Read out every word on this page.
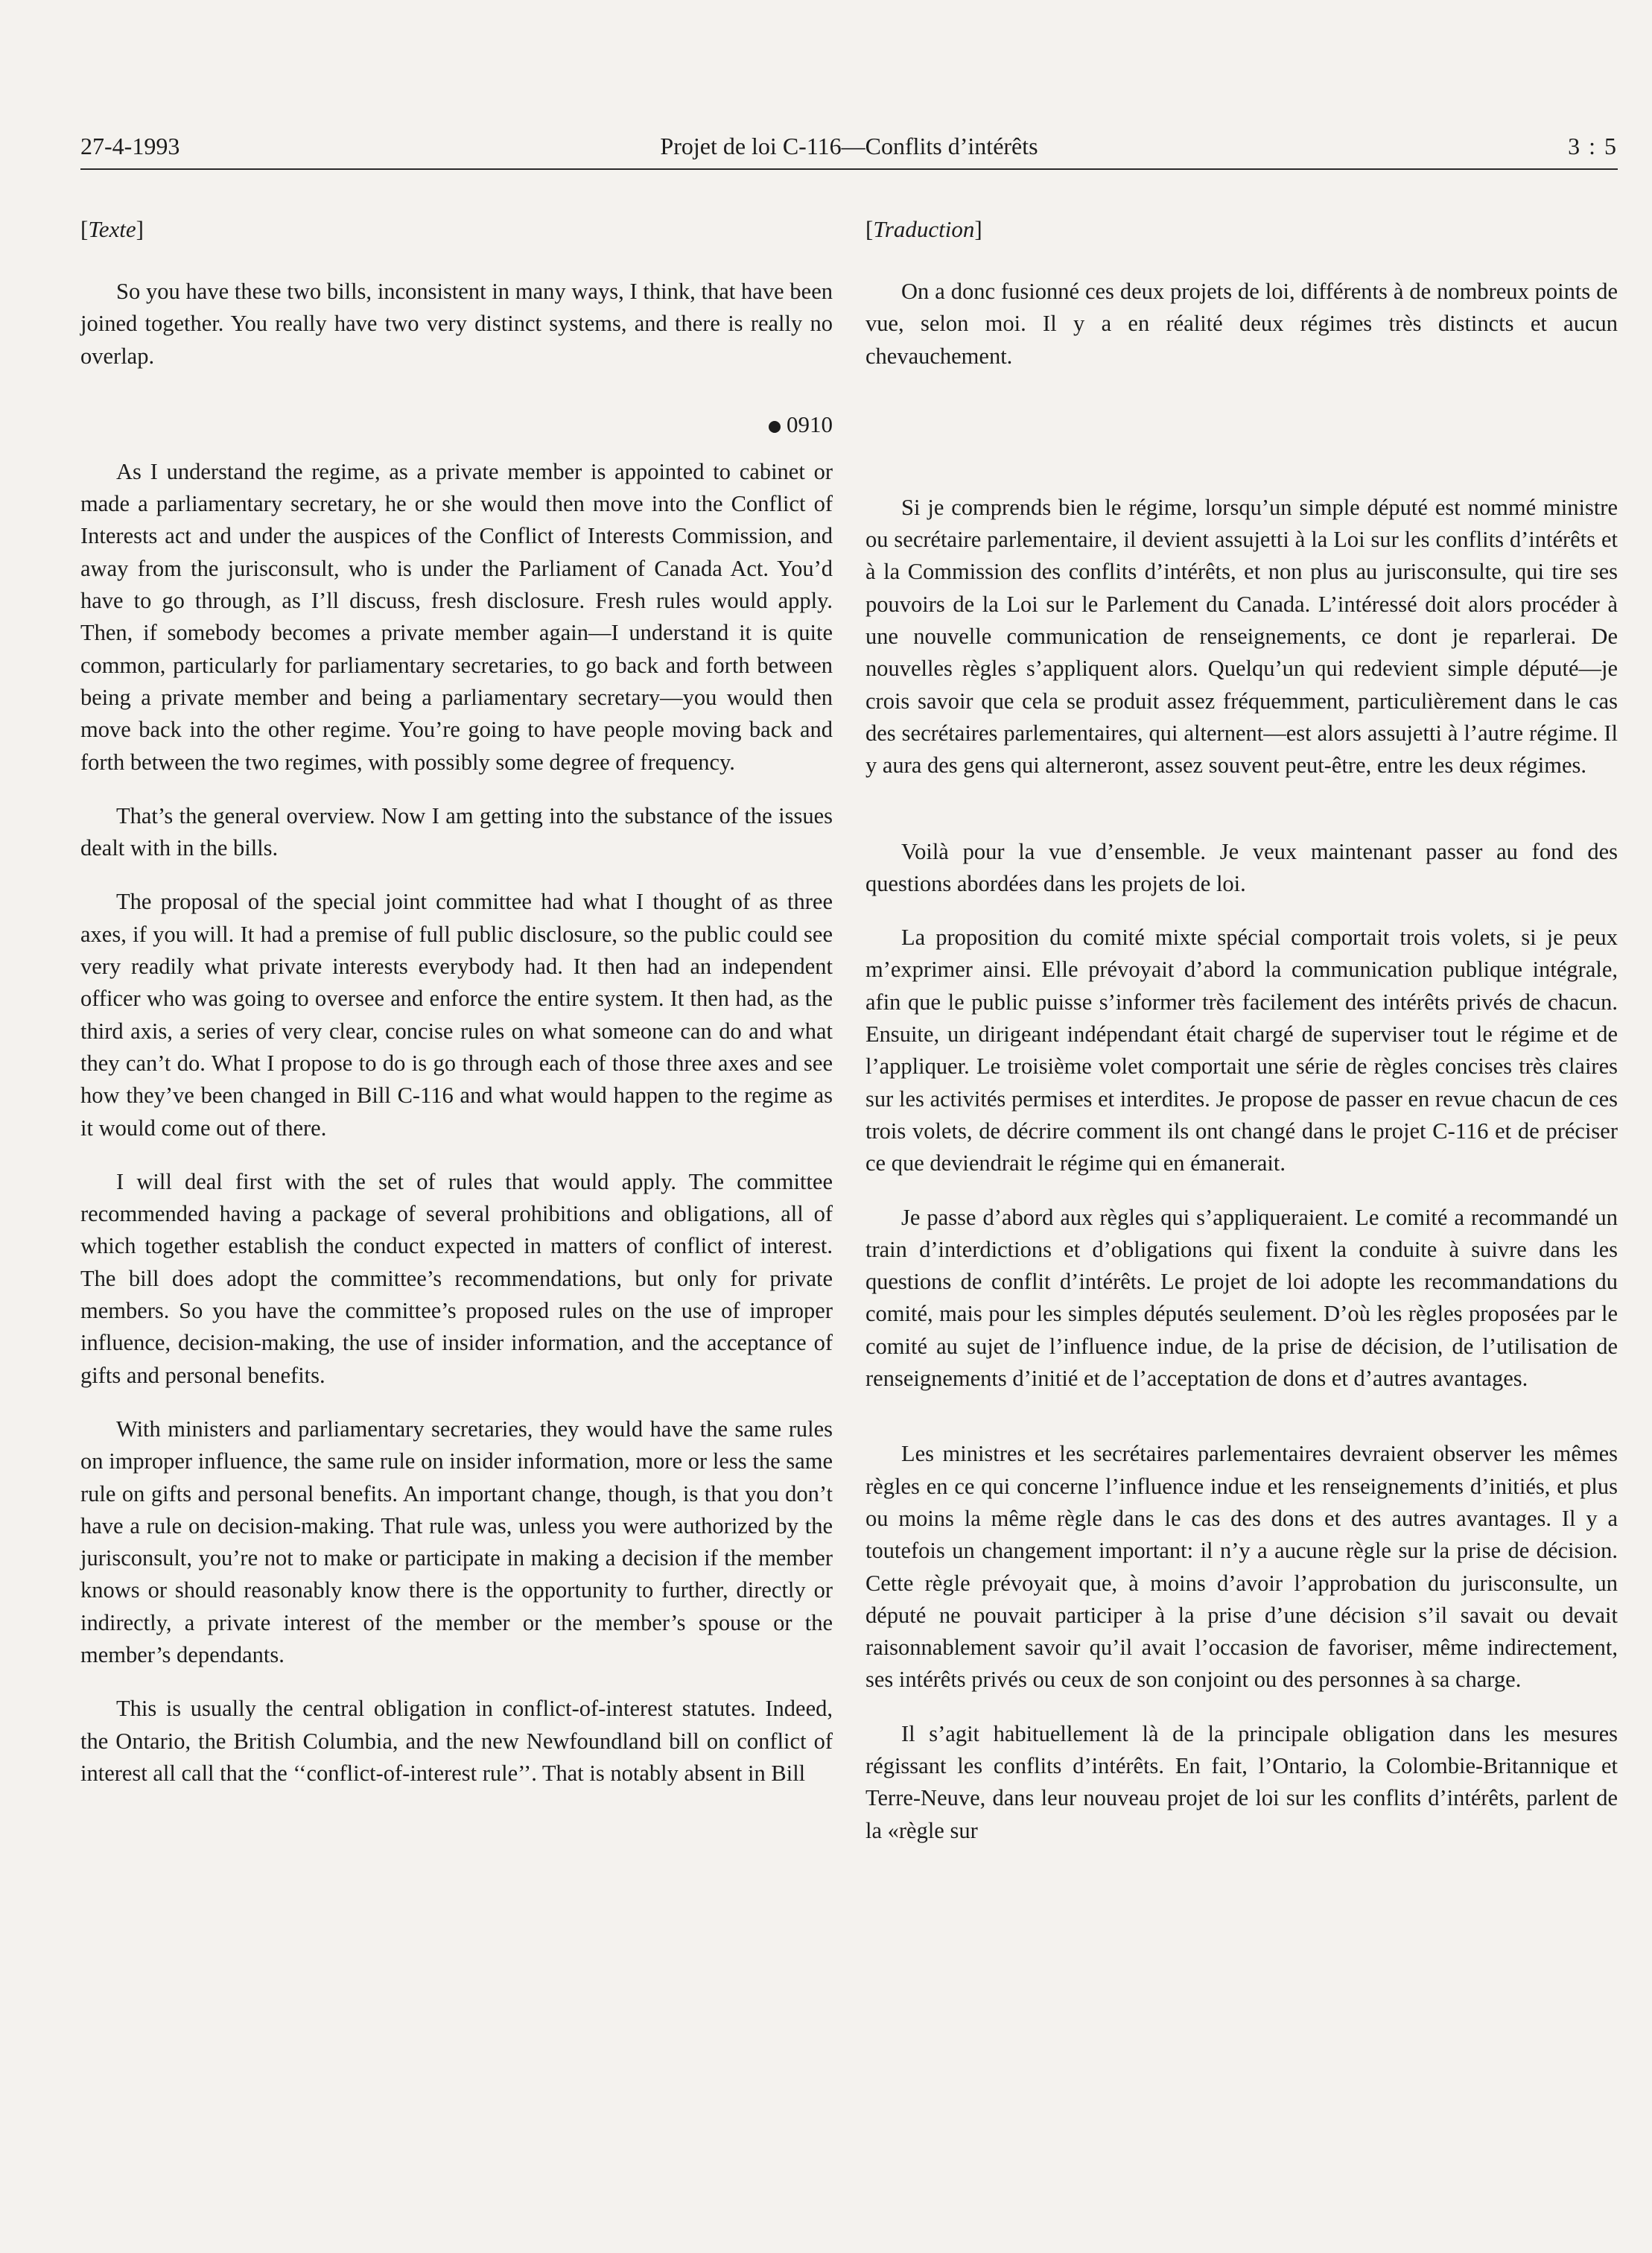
27-4-1993	Projet de loi C-116—Conflits d’intérêts	3 : 5
[Texte]

So you have these two bills, inconsistent in many ways, I think, that have been joined together. You really have two very distinct systems, and there is really no overlap.

0910

As I understand the regime, as a private member is appointed to cabinet or made a parliamentary secretary, he or she would then move into the Conflict of Interests act and under the auspices of the Conflict of Interests Commission, and away from the jurisconsult, who is under the Parliament of Canada Act. You’d have to go through, as I’ll discuss, fresh disclosure. Fresh rules would apply. Then, if somebody becomes a private member again—I understand it is quite common, particularly for parliamentary secretaries, to go back and forth between being a private member and being a parliamentary secretary—you would then move back into the other regime. You’re going to have people moving back and forth between the two regimes, with possibly some degree of frequency.

That’s the general overview. Now I am getting into the substance of the issues dealt with in the bills.

The proposal of the special joint committee had what I thought of as three axes, if you will. It had a premise of full public disclosure, so the public could see very readily what private interests everybody had. It then had an independent officer who was going to oversee and enforce the entire system. It then had, as the third axis, a series of very clear, concise rules on what someone can do and what they can’t do. What I propose to do is go through each of those three axes and see how they’ve been changed in Bill C-116 and what would happen to the regime as it would come out of there.

I will deal first with the set of rules that would apply. The committee recommended having a package of several prohibitions and obligations, all of which together establish the conduct expected in matters of conflict of interest. The bill does adopt the committee’s recommendations, but only for private members. So you have the committee’s proposed rules on the use of improper influence, decision-making, the use of insider information, and the acceptance of gifts and personal benefits.

With ministers and parliamentary secretaries, they would have the same rules on improper influence, the same rule on insider information, more or less the same rule on gifts and personal benefits. An important change, though, is that you don’t have a rule on decision-making. That rule was, unless you were authorized by the jurisconsult, you’re not to make or participate in making a decision if the member knows or should reasonably know there is the opportunity to further, directly or indirectly, a private interest of the member or the member’s spouse or the member’s dependants.

This is usually the central obligation in conflict-of-interest statutes. Indeed, the Ontario, the British Columbia, and the new Newfoundland bill on conflict of interest all call that the ‘‘conflict-of-interest rule’’. That is notably absent in Bill

[Traduction]

On a donc fusionné ces deux projets de loi, différents à de nombreux points de vue, selon moi. Il y a en réalité deux régimes très distincts et aucun chevauchement.

Si je comprends bien le régime, lorsqu’un simple député est nommé ministre ou secrétaire parlementaire, il devient assujetti à la Loi sur les conflits d’intérêts et à la Commission des conflits d’intérêts, et non plus au jurisconsulte, qui tire ses pouvoirs de la Loi sur le Parlement du Canada. L’intéressé doit alors procéder à une nouvelle communication de renseignements, ce dont je reparlerai. De nouvelles règles s’appliquent alors. Quelqu’un qui redevient simple député—je crois savoir que cela se produit assez fréquemment, particulièrement dans le cas des secrétaires parlementaires, qui alternent—est alors assujetti à l’autre régime. Il y aura des gens qui alterneront, assez souvent peut-être, entre les deux régimes.

Voilà pour la vue d’ensemble. Je veux maintenant passer au fond des questions abordées dans les projets de loi.

La proposition du comité mixte spécial comportait trois volets, si je peux m’exprimer ainsi. Elle prévoyait d’abord la communication publique intégrale, afin que le public puisse s’informer très facilement des intérêts privés de chacun. Ensuite, un dirigeant indépendant était chargé de superviser tout le régime et de l’appliquer. Le troisième volet comportait une série de règles concises très claires sur les activités permises et interdites. Je propose de passer en revue chacun de ces trois volets, de décrire comment ils ont changé dans le projet C-116 et de préciser ce que deviendrait le régime qui en émanerait.

Je passe d’abord aux règles qui s’appliqueraient. Le comité a recommandé un train d’interdictions et d’obligations qui fixent la conduite à suivre dans les questions de conflit d’intérêts. Le projet de loi adopte les recommandations du comité, mais pour les simples députés seulement. D’où les règles proposées par le comité au sujet de l’influence indue, de la prise de décision, de l’utilisation de renseignements d’initié et de l’acceptation de dons et d’autres avantages.

Les ministres et les secrétaires parlementaires devraient observer les mêmes règles en ce qui concerne l’influence indue et les renseignements d’initiés, et plus ou moins la même règle dans le cas des dons et des autres avantages. Il y a toutefois un changement important: il n’y a aucune règle sur la prise de décision. Cette règle prévoyait que, à moins d’avoir l’approbation du jurisconsulte, un député ne pouvait participer à la prise d’une décision s’il savait ou devait raisonnablement savoir qu’il avait l’occasion de favoriser, même indirectement, ses intérêts privés ou ceux de son conjoint ou des personnes à sa charge.

Il s’agit habituellement là de la principale obligation dans les mesures régissant les conflits d’intérêts. En fait, l’Ontario, la Colombie-Britannique et Terre-Neuve, dans leur nouveau projet de loi sur les conflits d’intérêts, parlent de la «règle sur
